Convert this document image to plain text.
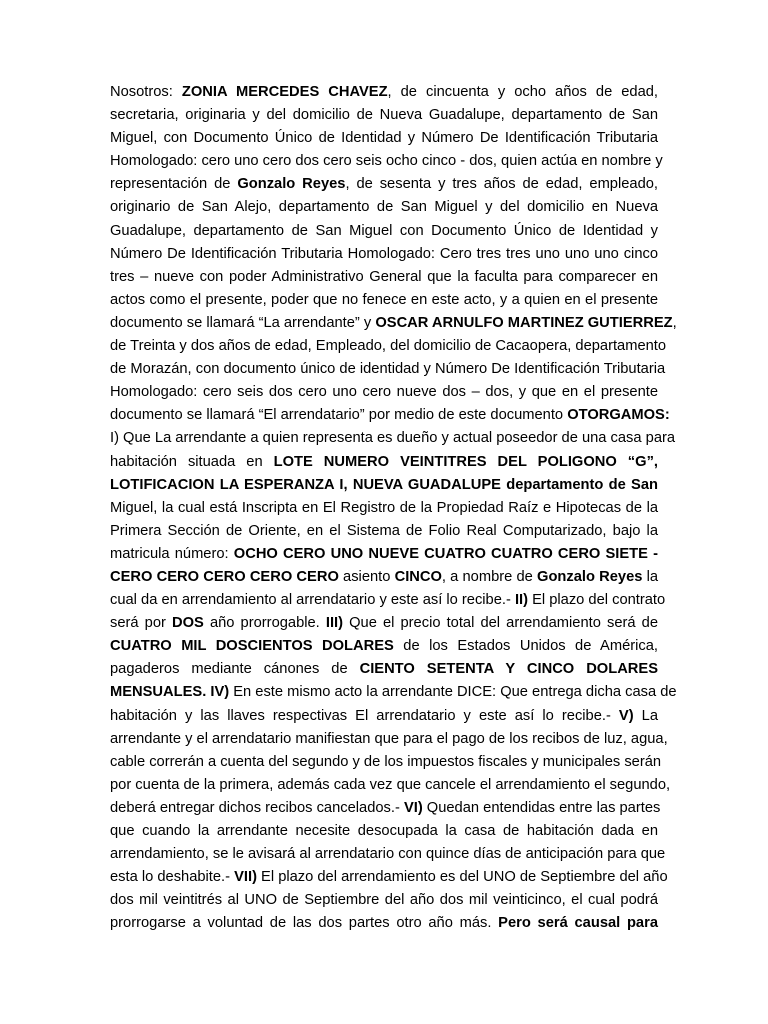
Nosotros: ZONIA MERCEDES CHAVEZ, de cincuenta y ocho años de edad,
secretaria, originaria y del domicilio de Nueva Guadalupe, departamento de San
Miguel, con Documento Único de Identidad y Número De Identificación Tributaria
Homologado: cero uno cero dos cero seis ocho cinco - dos, quien actúa en nombre y
representación de Gonzalo Reyes, de sesenta y tres años de edad, empleado,
originario de San Alejo, departamento de San Miguel y del domicilio en Nueva
Guadalupe, departamento de San Miguel con Documento Único de Identidad y
Número De Identificación Tributaria Homologado: Cero tres tres uno uno uno cinco
tres – nueve con poder Administrativo General que la faculta para comparecer en
actos como el presente, poder que no fenece en este acto, y a quien en el presente
documento se llamará “La arrendante” y OSCAR ARNULFO MARTINEZ GUTIERREZ,
de Treinta y dos años de edad, Empleado, del domicilio de Cacaopera, departamento
de Morazán, con documento único de identidad y Número De Identificación Tributaria
Homologado: cero seis dos cero uno cero nueve dos – dos, y que en el presente
documento se llamará “El arrendatario” por medio de este documento OTORGAMOS:
I) Que La arrendante a quien representa es dueño y actual poseedor de una casa para
habitación situada en LOTE NUMERO VEINTITRES DEL POLIGONO “G”,
LOTIFICACION LA ESPERANZA I, NUEVA GUADALUPE departamento de San
Miguel, la cual está Inscripta en El Registro de la Propiedad Raíz e Hipotecas de la
Primera Sección de Oriente, en el Sistema de Folio Real Computarizado, bajo la
matricula número: OCHO CERO UNO NUEVE CUATRO CUATRO CERO SIETE -
CERO CERO CERO CERO CERO asiento CINCO, a nombre de Gonzalo Reyes la
cual da en arrendamiento al arrendatario y este así lo recibe.- II) El plazo del contrato
será por DOS año prorrogable. III) Que el precio total del arrendamiento será de
CUATRO MIL DOSCIENTOS DOLARES de los Estados Unidos de América,
pagaderos mediante cánones de CIENTO SETENTA Y CINCO DOLARES
MENSUALES. IV) En este mismo acto la arrendante DICE: Que entrega dicha casa de
habitación y las llaves respectivas El arrendatario y este así lo recibe.- V) La
arrendante y el arrendatario manifiestan que para el pago de los recibos de luz, agua,
cable correrán a cuenta del segundo y de los impuestos fiscales y municipales serán
por cuenta de la primera, además cada vez que cancele el arrendamiento el segundo,
deberá entregar dichos recibos cancelados.- VI) Quedan entendidas entre las partes
que cuando la arrendante necesite desocupada la casa de habitación dada en
arrendamiento, se le avisará al arrendatario con quince días de anticipación para que
esta lo deshabite.- VII) El plazo del arrendamiento es del UNO de Septiembre del año
dos mil veintitrés al UNO de Septiembre del año dos mil veinticinco, el cual podrá
prorrogarse a voluntad de las dos partes otro año más. Pero será causal para
